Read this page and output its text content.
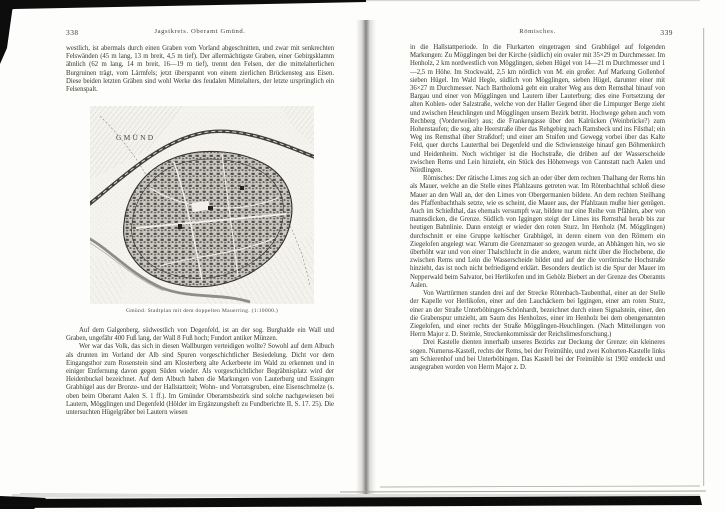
338	Jagstkreis. Oberamt Gmünd.

westlich, ist abermals durch einen Graben vom Vorland abgeschnitten, und zwar mit senkrechten Felswänden (45 m lang, 13 m breit, 4,5 m tief). Der allermächtigste Graben, einer Gebirgsklamm ähnlich (62 m lang, 14 m breit, 16—19 m tief), trennt den Felsen, der die mittelalterlichen Burgruinen trägt, vom Lärmfels; jetzt überspannt von einem zierlichen Brückensteg aus Eisen. Diese beiden letzten Gräben sind wohl Werke des feudalen Mittelalters, der letzte ursprünglich ein Felsenspalt.

GMÜND
Gmünd. Stadtplan mit dem doppelten Mauerring. (1:10000.)

Auf dem Galgenberg, südwestlich von Degenfeld, ist an der sog. Burghalde ein Wall und Graben, ungefähr 400 Fuß lang, der Wall 8 Fuß hoch; Fundort antiker Münzen.

Wer war das Volk, das sich in diesen Wallburgen verteidigen wollte? Sowohl auf dem Albuch als drunten im Vorland der Alb sind Spuren vorgeschichtlicher Besiedelung. Dicht vor dem Eingangsthor zum Rosenstein sind am Klosterberg alte Ackerbeete im Wald zu erkennen und in einiger Entfernung davon gegen Süden wieder. Als vorgeschichtlicher Begräbnisplatz wird der Heidenbuckel bezeichnet. Auf dem Albuch haben die Markungen von Lauterburg und Essingen Grabhügel aus der Bronze- und der Hallstattzeit; Wohn- und Vorratsgruben, eine Eisenschmelze (s. oben beim Oberamt Aalen S. 1 ff.). Im Gmünder Oberamtsbezirk sind solche nachgewiesen bei Lautern, Mögglingen und Degenfeld (Hölder im Ergänzungsheft zu Fundberichte II, S. 17. 25). Die untersuchten Hügelgräber bei Lautern wiesen

Römisches.	339

in die Hallstattperiode. In die Flurkarten eingetragen sind Grabhügel auf folgenden Markungen: Zu Mögglingen bei der Kirche (südlich) ein ovaler mit 35×29 m Durchmesser. Im Henholz, 2 km nordwestlich von Mögglingen, sieben Hügel von 14—21 m Durchmesser und 1—2,5 m Höhe. Im Stockwald, 2,5 km nördlich von M. ein großer. Auf Markung Gollenhof sieben Hügel. Im Wald Hegle, südlich von Mögglingen, sieben Hügel, darunter einer mit 36×27 m Durchmesser. Nach Bartholomä geht ein uralter Weg aus dem Remsthal hinauf von Bargau und einer von Mögglingen und Lautern über Lauterburg; dies eine Fortsetzung der alten Kohlen- oder Salzstraße, welche von der Haller Gegend über die Limpurger Berge zieht und zwischen Heuchlingen und Mögglingen unsern Bezirk betritt. Hochwege gehen auch vom Rechberg (Vorderweiler) aus; die Frankengasse über den Kalrücken (Weinbrücke?) zum Hohenstaufen; die sog. alte Heerstraße über das Rehgebirg nach Ramsbeck und ins Filsthal; ein Weg ins Remsthal über Straßdorf; und einer am Stuifen und Gewegg vorbei über das Kalte Feld, quer durchs Lauterthal bei Degenfeld und die Schwiensteige hinauf gen Böhmenkirch und Heidenheim. Noch wichtiger ist die Hochstraße, die drüben auf der Wasserscheide zwischen Rems und Lein hinzieht, ein Stück des Höhenwegs von Cannstatt nach Aalen und Nördlingen.

Römisches: Der rätische Limes zog sich an oder über dem rechten Thalhang der Rems hin als Mauer, welche an die Stelle eines Pfahlzauns getreten war. Im Rötenbachthal schloß diese Mauer an den Wall an, der den Limes von Obergermanien bildete. An dem rechten Steilhang des Pfaffenbachthals setzte, wie es scheint, die Mauer aus, der Pfahlzaun mußte hier genügen. Auch im Schießthal, das ehemals versumpft war, bildete nur eine Reihe von Pfählen, aber von mannsdicken, die Grenze. Südlich von Iggingen steigt der Limes ins Remsthal herab bis zur heutigen Bahnlinie. Dann ersteigt er wieder den roten Sturz. Im Henholz (M. Mögglingen) durchschnitt er eine Gruppe keltischer Grabhügel, in deren einem von den Römern ein Ziegelofen angelegt war. Warum die Grenzmauer so gezogen wurde, an Abhängen hin, wo sie überhöht war und von einer Thalschlucht in die andere, warum nicht über die Hochebene, die zwischen Rems und Lein die Wasserscheide bildet und auf der die vorrömische Hochstraße hinzieht, das ist noch nicht befriedigend erklärt. Besonders deutlich ist die Spur der Mauer im Nepperwald beim Salvator, bei Herlikofen und im Gehölz Biebert an der Grenze des Oberamts Aalen.

Von Warttürmen standen drei auf der Strecke Rötenbach-Taubenthal, einer an der Stelle der Kapelle vor Herlikofen, einer auf den Lauchäckern bei Iggingen, einer am roten Sturz, einer an der Straße Unterböbingen-Schönhardt, bezeichnet durch einen Signalstein, einer, den die Grabenspur umzieht, am Saum des Henholzes, einer im Henholz bei dem obengenannten Ziegelofen, und einer rechts der Straße Mögglingen-Heuchlingen. (Nach Mitteilungen von Herrn Major z. D. Steimle, Streckenkommissär der Reichslimesforschung.)

Drei Kastelle dienten innerhalb unseres Bezirks zur Deckung der Grenze: ein kleineres sogen. Numerus-Kastell, rechts der Rems, bei der Freimühle, und zwei Kohorten-Kastelle links am Schierenhof und bei Unterböbingen. Das Kastell bei der Freimühle ist 1902 entdeckt und ausgegraben worden von Herrn Major z. D.
